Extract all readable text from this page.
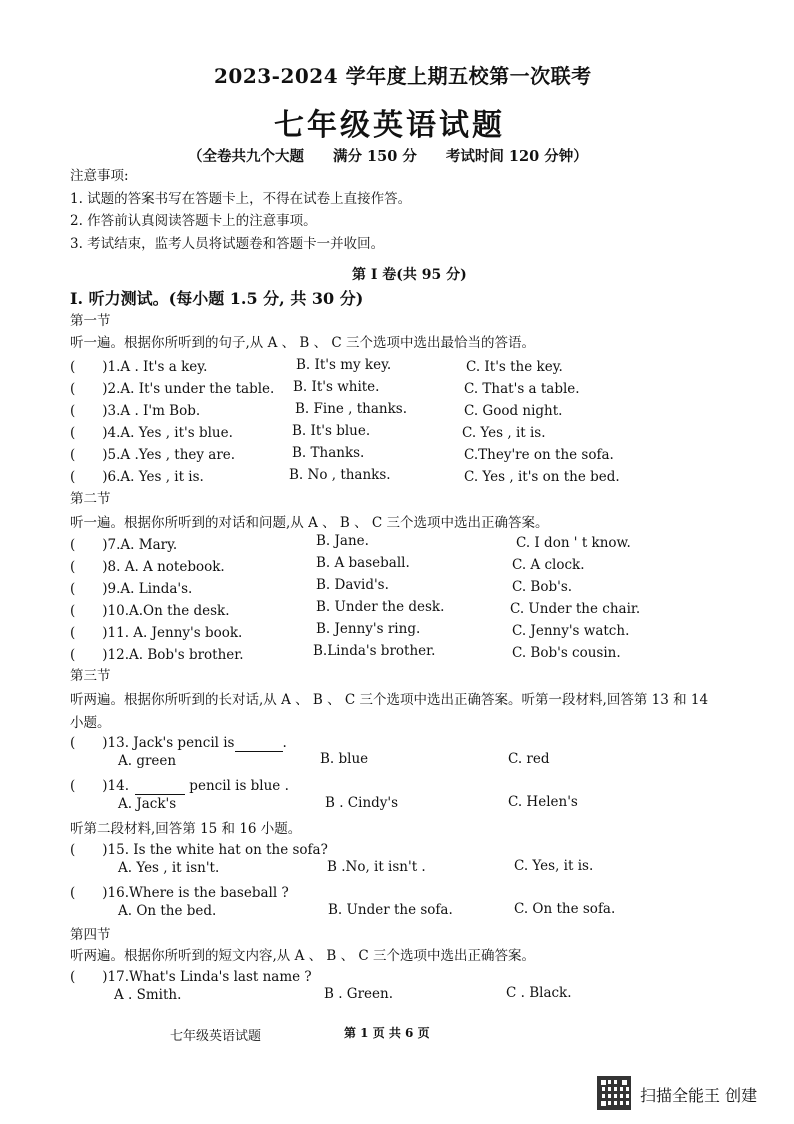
2023-2024 学年度上期五校第一次联考
七年级英语试题
（全卷共九个大题　　满分 150 分　　考试时间 120 分钟）
注意事项:
1. 试题的答案书写在答题卡上，不得在试卷上直接作答。
2. 作答前认真阅读答题卡上的注意事项。
3. 考试结束，监考人员将试题卷和答题卡一并收回。
第 I 卷(共 95 分)
I. 听力测试。(每小题 1.5 分, 共 30 分)
第一节
听一遍。根据你所听到的句子,从 A 、 B 、 C 三个选项中选出最恰当的答语。
(　　)1.A . It's a key.	B. It's my key.	C. It's the key.
(　　)2.A. It's under the table. B. It's white.	C. That's a table.
(　　)3.A . I'm Bob.	B. Fine , thanks.	C. Good night.
(　　)4.A. Yes , it's blue.	B. It's blue.	C. Yes , it is.
(　　)5.A .Yes , they are.	B. Thanks.	C.They're on the sofa.
(　　)6.A. Yes , it is.	B. No , thanks.	C. Yes , it's on the bed.
第二节
听一遍。根据你所听到的对话和问题,从 A 、 B 、 C 三个选项中选出正确答案。
(　　)7.A. Mary.	B. Jane.	C. I don ' t know.
(　　)8. A. A notebook.	B. A baseball.	C. A clock.
(　　)9.A. Linda's.	B. David's.	C. Bob's.
(　　)10.A.On the desk.	B. Under the desk.	C. Under the chair.
(　　)11. A. Jenny's book.	B. Jenny's ring.	C. Jenny's watch.
(　　)12.A. Bob's brother.	B.Linda's brother.	C. Bob's cousin.
第三节
听两遍。根据你所听到的长对话,从 A 、 B 、 C 三个选项中选出正确答案。听第一段材料,回答第 13 和 14
小题。
(　　)13. Jack's pencil is	.
A. green	B. blue	C. red
(　　)14.	pencil is blue .
A. Jack's	B . Cindy's	C. Helen's
听第二段材料,回答第 15 和 16 小题。
(　　)15. Is the white hat on the sofa?
A. Yes , it isn't.	B .No, it isn't .	C. Yes, it is.
(　　)16.Where is the baseball ?
A. On the bed.	B. Under the sofa.	C. On the sofa.
第四节
听两遍。根据你所听到的短文内容,从 A 、 B 、 C 三个选项中选出正确答案。
(　　)17.What's Linda's last name ?
A . Smith.	B . Green.	C . Black.
七年级英语试题	第 1 页 共 6 页
扫描全能王 创建
